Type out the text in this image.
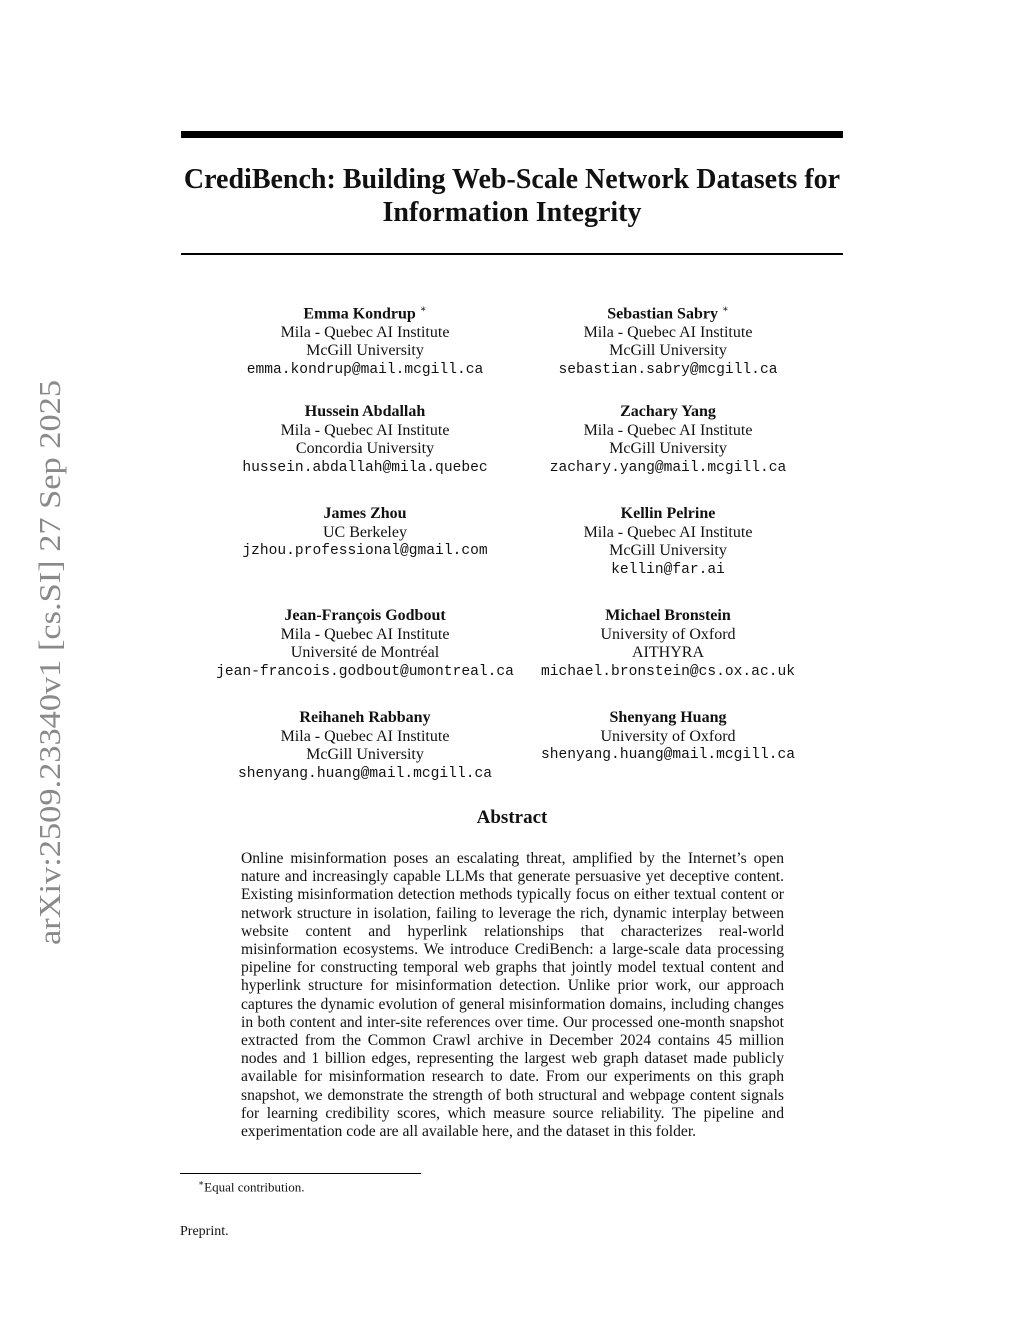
arXiv:2509.23340v1 [cs.SI] 27 Sep 2025
CrediBench: Building Web-Scale Network Datasets for
Information Integrity
Emma Kondrup ∗
Mila - Quebec AI Institute
McGill University
emma.kondrup@mail.mcgill.ca
Sebastian Sabry ∗
Mila - Quebec AI Institute
McGill University
sebastian.sabry@mcgill.ca
Hussein Abdallah
Mila - Quebec AI Institute
Concordia University
hussein.abdallah@mila.quebec
Zachary Yang
Mila - Quebec AI Institute
McGill University
zachary.yang@mail.mcgill.ca
James Zhou
UC Berkeley
jzhou.professional@gmail.com
Kellin Pelrine
Mila - Quebec AI Institute
McGill University
kellin@far.ai
Jean-François Godbout
Mila - Quebec AI Institute
Université de Montréal
jean-francois.godbout@umontreal.ca
Michael Bronstein
University of Oxford
AITHYRA
michael.bronstein@cs.ox.ac.uk
Reihaneh Rabbany
Mila - Quebec AI Institute
McGill University
shenyang.huang@mail.mcgill.ca
Shenyang Huang
University of Oxford
shenyang.huang@mail.mcgill.ca
Abstract

Online misinformation poses an escalating threat, amplified by the Internet’s open nature and increasingly capable LLMs that generate persuasive yet deceptive content. Existing misinformation detection methods typically focus on either textual content or network structure in isolation, failing to leverage the rich, dynamic interplay between website content and hyperlink relationships that characterizes real-world misinformation ecosystems. We introduce CrediBench: a large-scale data processing pipeline for constructing temporal web graphs that jointly model textual content and hyperlink structure for misinformation detection. Unlike prior work, our approach captures the dynamic evolution of general misinformation domains, including changes in both content and inter-site references over time. Our processed one-month snapshot extracted from the Common Crawl archive in December 2024 contains 45 million nodes and 1 billion edges, representing the largest web graph dataset made publicly available for misinformation research to date. From our experiments on this graph snapshot, we demonstrate the strength of both structural and webpage content signals for learning credibility scores, which measure source reliability. The pipeline and experimentation code are all available here, and the dataset in this folder.

∗Equal contribution.
Preprint.
